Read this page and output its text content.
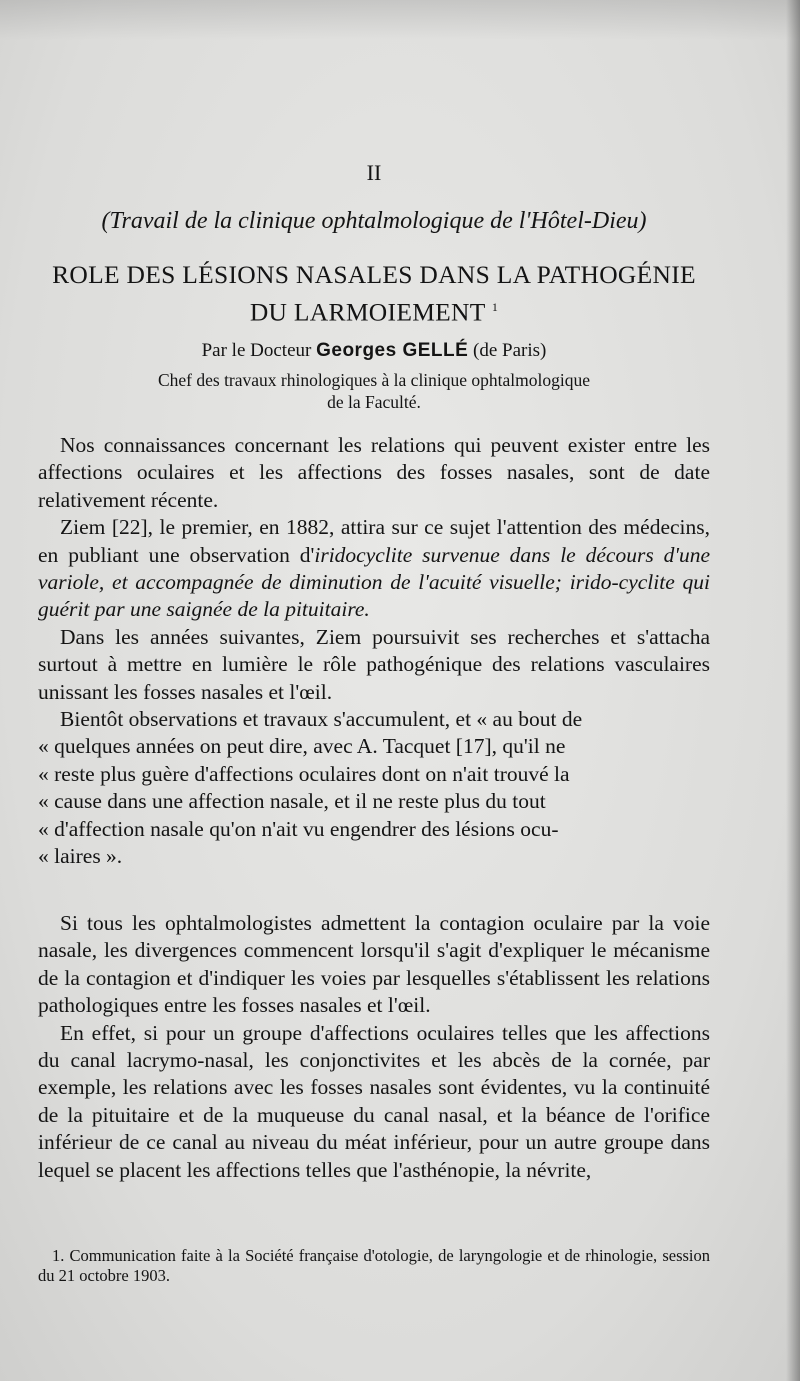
II
(Travail de la clinique ophtalmologique de l'Hôtel-Dieu)
ROLE DES LÉSIONS NASALES DANS LA PATHOGÉNIE
DU LARMOIEMENT $^1$
Par le Docteur Georges GELLÉ (de Paris)
Chef des travaux rhinologiques à la clinique ophtalmologique
de la Faculté.

Nos connaissances concernant les relations qui peuvent exister entre les affections oculaires et les affections des fosses nasales, sont de date relativement récente.

Ziem [22], le premier, en 1882, attira sur ce sujet l'attention des médecins, en publiant une observation d'iridocyclite survenue dans le décours d'une variole, et accompagnée de diminution de l'acuité visuelle; irido-cyclite qui guérit par une saignée de la pituitaire.

Dans les années suivantes, Ziem poursuivit ses recherches et s'attacha surtout à mettre en lumière le rôle pathogénique des relations vasculaires unissant les fosses nasales et l'œil.

Bientôt observations et travaux s'accumulent, et « au bout de
« quelques années on peut dire, avec A. Tacquet [17], qu'il ne
« reste plus guère d'affections oculaires dont on n'ait trouvé la
« cause dans une affection nasale, et il ne reste plus du tout
« d'affection nasale qu'on n'ait vu engendrer des lésions ocu-
« laires ».

Si tous les ophtalmologistes admettent la contagion oculaire par la voie nasale, les divergences commencent lorsqu'il s'agit d'expliquer le mécanisme de la contagion et d'indiquer les voies par lesquelles s'établissent les relations pathologiques entre les fosses nasales et l'œil.

En effet, si pour un groupe d'affections oculaires telles que les affections du canal lacrymo-nasal, les conjonctivites et les abcès de la cornée, par exemple, les relations avec les fosses nasales sont évidentes, vu la continuité de la pituitaire et de la muqueuse du canal nasal, et la béance de l'orifice inférieur de ce canal au niveau du méat inférieur, pour un autre groupe dans lequel se placent les affections telles que l'asthénopie, la névrite,

1. Communication faite à la Société française d'otologie, de laryngologie et de rhinologie, session du 21 octobre 1903.
